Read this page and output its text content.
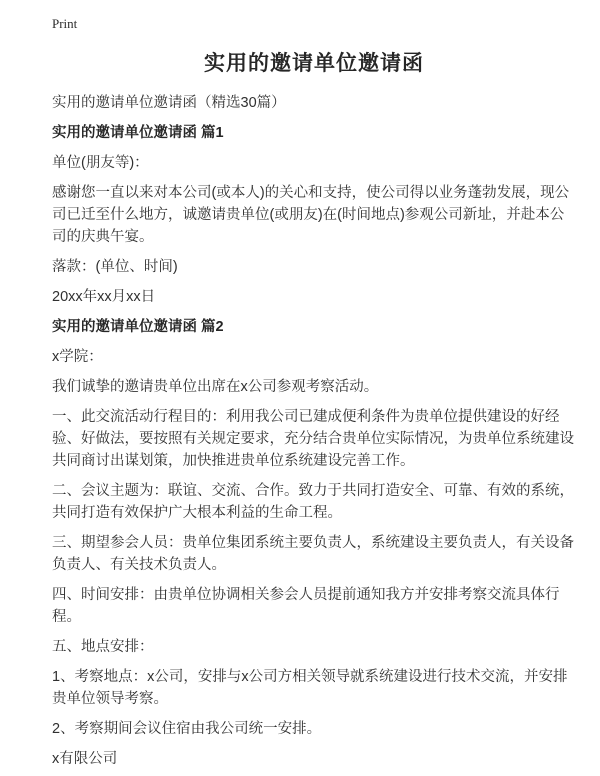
Print
实用的邀请单位邀请函

实用的邀请单位邀请函（精选30篇）

实用的邀请单位邀请函 篇1

单位(朋友等)：

感谢您一直以来对本公司(或本人)的关心和支持，使公司得以业务蓬勃发展，现公司已迁至什么地方，诚邀请贵单位(或朋友)在(时间地点)参观公司新址，并赴本公司的庆典午宴。

落款：(单位、时间)

20xx年xx月xx日

实用的邀请单位邀请函 篇2

x学院：

我们诚挚的邀请贵单位出席在x公司参观考察活动。

一、此交流活动行程目的：利用我公司已建成便利条件为贵单位提供建设的好经验、好做法，要按照有关规定要求，充分结合贵单位实际情况，为贵单位系统建设共同商讨出谋划策，加快推进贵单位系统建设完善工作。

二、会议主题为：联谊、交流、合作。致力于共同打造安全、可靠、有效的系统，共同打造有效保护广大根本利益的生命工程。

三、期望参会人员：贵单位集团系统主要负责人，系统建设主要负责人，有关设备负责人、有关技术负责人。

四、时间安排：由贵单位协调相关参会人员提前通知我方并安排考察交流具体行程。

五、地点安排：

1、考察地点：x公司，安排与x公司方相关领导就系统建设进行技术交流，并安排贵单位领导考察。

2、考察期间会议住宿由我公司统一安排。

x有限公司
